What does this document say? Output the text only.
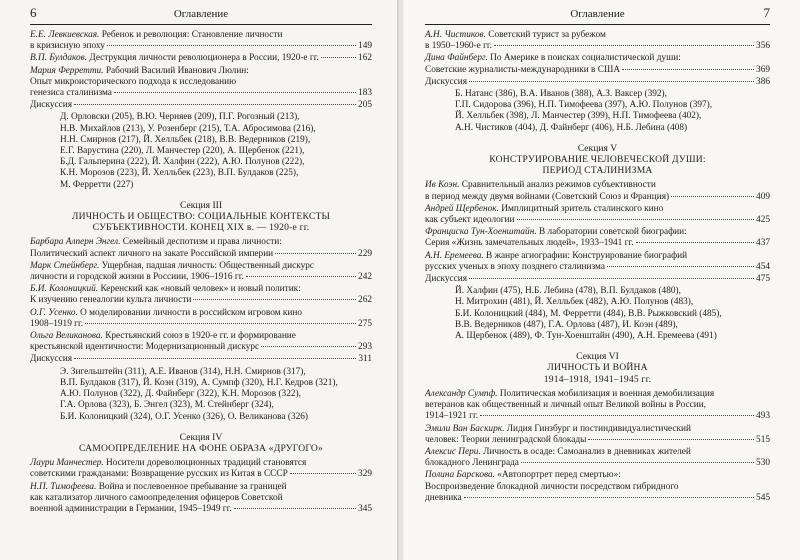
6	Оглавление
Е.Е. Левкиевская. Ребенок и революция: Становление личности
в кризисную эпоху	149
В.П. Булдаков. Деструкция личности революционера в России, 1920-е гг.	162
Мария Ферретти. Рабочий Василий Иванович Люлин:
Опыт микроисторического подхода к исследованию
генезиса сталинизма	183
Дискуссия	205
Д. Орловски (205), В.Ю. Черняев (209), П.Г. Рогозный (213),
Н.В. Михайлов (213), У. Розенберг (215), Т.А. Абросимова (216),
Н.Н. Смирнов (217), Й. Хелльбек (218), В.В. Ведерников (219),
Е.Г. Варустина (220), Л. Манчестер (220), А. Щербенок (221),
Б.Д. Гальперина (222), Й. Халфин (222), А.Ю. Полунов (222),
К.Н. Морозов (223), Й. Хелльбек (223), В.П. Булдаков (225),
М. Ферретти (227)
Секция III
ЛИЧНОСТЬ И ОБЩЕСТВО: СОЦИАЛЬНЫЕ КОНТЕКСТЫ
СУБЪЕКТИВНОСТИ. КОНЕЦ XIX в. — 1920-е гг.
Барбара Алперн Энгел. Семейный деспотизм и права личности:
Политический аспект личного на закате Российской империи	229
Марк Стейнберг. Ущербная, падшая личность: Общественный дискурс
личности и городской жизни в Россиии, 1906–1916 гг.	242
Б.И. Колоницкий. Керенский как «новый человек» и новый политик:
К изучению генеалогии культа личности	262
О.Г. Усенко. О моделировании личности в российском игровом кино
1908–1919 гг.	275
Ольга Великанова. Крестьянский союз в 1920-е гг. и формирование
крестьянской идентичности: Модернизационный дискурс	293
Дискуссия	311
Э. Зигельштейн (311), А.Е. Иванов (314), Н.Н. Смирнов (317),
В.П. Булдаков (317), Й. Коэн (319), А. Сумпф (320), Н.Г. Кедров (321),
А.Ю. Полунов (322), Д. Файнберг (322), К.Н. Морозов (322),
Г.А. Орлова (323), Б. Энгел (323), М. Стейнберг (324),
Б.И. Колоницкий (324), О.Г. Усенко (326), О. Великанова (326)
Секция IV
САМООПРЕДЕЛЕНИЕ НА ФОНЕ ОБРАЗА «ДРУГОГО»
Лаури Манчестер. Носители дореволюционных традиций становятся
советскими гражданами: Возвращение русских из Китая в СССР	329
Н.П. Тимофеева. Война и послевоенное пребывание за границей
как катализатор личного самоопределения офицеров Советской
военной администрации в Германии, 1945–1949 гг.	345
7
Оглавление
А.Н. Чистиков. Советский турист за рубежом
в 1950–1960-е гг.	356
Дина Файнберг. По Америке в поисках социалистической души:
Советские журналисты-международники в США	369
Дискуссия	386
Б. Натанс (386), В.А. Иванов (388), А.З. Ваксер (392),
Г.П. Сидорова (396), Н.П. Тимофеева (397), А.Ю. Полунов (397),
Й. Хелльбек (398), Л. Манчестер (399), Н.П. Тимофеева (402),
А.Н. Чистиков (404), Д. Файнберг (406), Н.Б. Лебина (408)
Секция V
КОНСТРУИРОВАНИЕ ЧЕЛОВЕЧЕСКОЙ ДУШИ:
ПЕРИОД СТАЛИНИЗМА
Ив Коэн. Сравнительный анализ режимов субъективности
в период между двумя войнами (Советский Союз и Франция)	409
Андрей Щербенок. Имплицитный зритель сталинского кино
как субъект идеологии	425
Франциска Тун-Хоенштайн. В лаборатории советской биографии:
Серия «Жизнь замечательных людей», 1933–1941 гг.	437
А.Н. Еремеева. В жанре агиографии: Конструирование биографий
русских ученых в эпоху позднего сталинизма	454
Дискуссия	475
Й. Халфин (475), Н.Б. Лебина (478), В.П. Булдаков (480),
Н. Митрохин (481), Й. Хелльбек (482), А.Ю. Полунов (483),
Б.И. Колоницкий (484), М. Ферретти (484), В.В. Рыжковский (485),
В.В. Ведерников (487), Г.А. Орлова (487), И. Коэн (489),
А. Щербенок (489), Ф. Тун-Хоенштайн (490), А.Н. Еремеева (491)
Секция VI
ЛИЧНОСТЬ И ВОЙНА
1914–1918, 1941–1945 гг.
Александр Сумпф. Политическая мобилизация и военная демобилизация
ветеранов как общественный и личный опыт Великой войны в России,
1914–1921 гг.	493
Эмили Ван Баскирк. Лидия Гинзбург и постиндивидуалистический
человек: Теории ленинградской блокады	515
Алексис Пери. Личность в осаде: Самоанализ в дневниках жителей
блокадного Ленинграда	530
Полина Барскова. «Автопортрет перед смертью»:
Воспроизведение блокадной личности посредством гибридного
дневника	545
